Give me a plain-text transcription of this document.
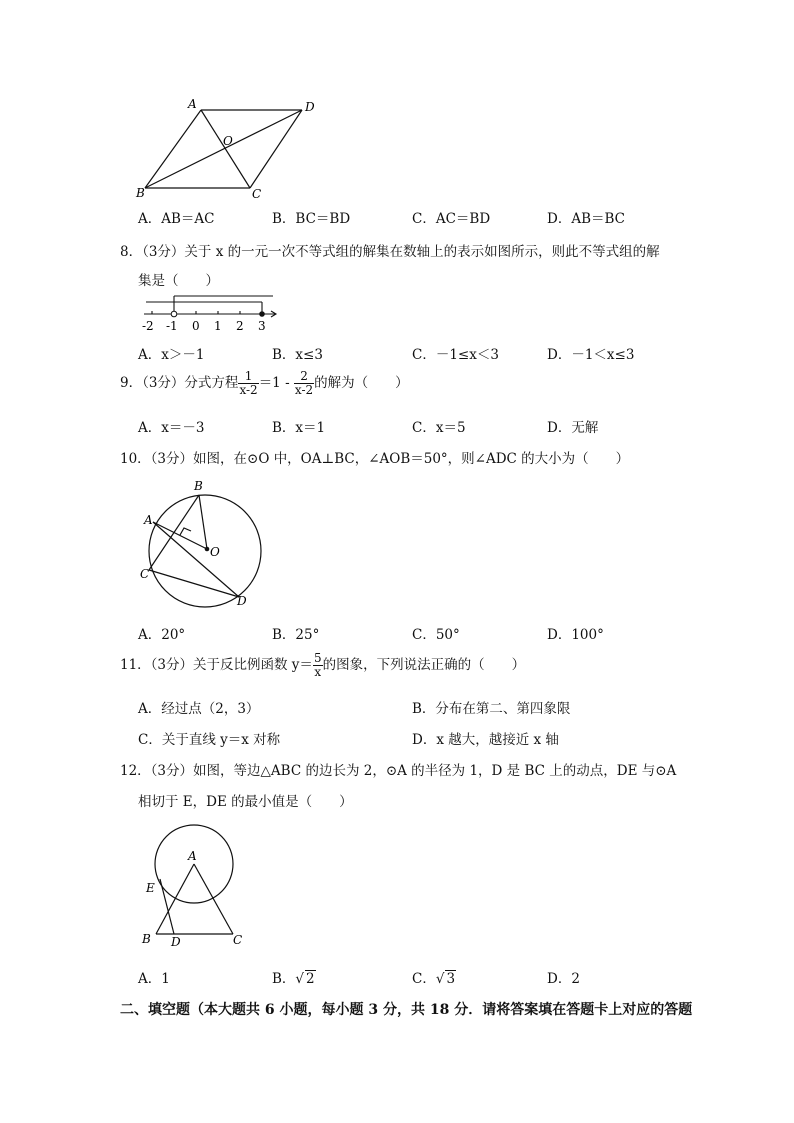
A	D
O
B	C
A．AB＝AC	B．BC＝BD	C．AC＝BD	D．AB＝BC
8．（3分）关于 x 的一元一次不等式组的解集在数轴上的表示如图所示，则此不等式组的解
集是（　　）
-2 -1 0 1 2 3
A．x＞－1	B．x≤3	C．－1≤x＜3	D．－1＜x≤3
9．（3分）分式方程 $\frac{1}{x-2} =1 - \frac{2}{x-2}$ 的解为（　　）
A．x＝－3	B．x＝1	C．x＝5	D．无解
10．（3分）如图，在⊙O 中，OA⊥BC，∠AOB＝50°，则∠ADC 的大小为（　　）
B
A
O
C
D
A．20°	B．25°	C．50°	D．100°
11．（3分）关于反比例函数 $y= \frac{5}{x}$ 的图象，下列说法正确的（　　）
A．经过点（2，3）	B．分布在第二、第四象限
C．关于直线 y＝x 对称	D．x 越大，越接近 x 轴
12．（3分）如图，等边△ABC 的边长为 2，⊙A 的半径为 1，D 是 BC 上的动点，DE 与⊙A
相切于 E，DE 的最小值是（　　）
A
E
B D	C
A．1	B．√ 2	C．√ 3	D．2
二、填空题（本大题共 6 小题，每小题 3 分，共 18 分．请将答案填在答题卡上对应的答题
